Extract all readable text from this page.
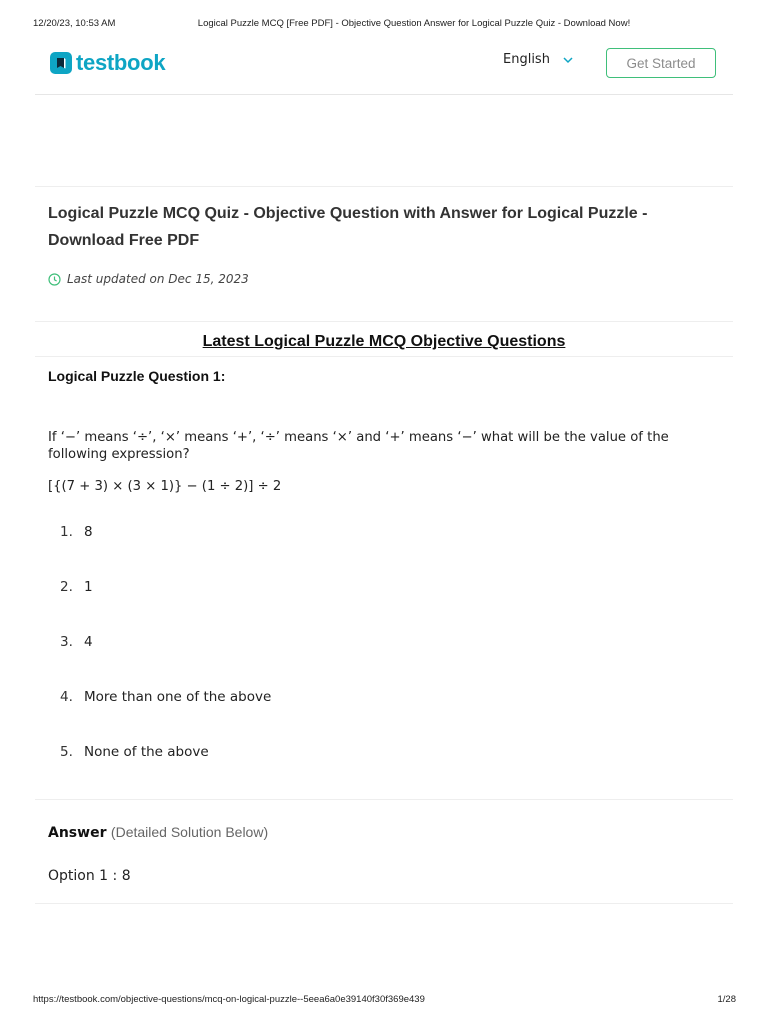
12/20/23, 10:53 AM	Logical Puzzle MCQ [Free PDF] - Objective Question Answer for Logical Puzzle Quiz - Download Now!
testbook	English	Get Started
Logical Puzzle MCQ Quiz - Objective Question with Answer for Logical Puzzle - Download Free PDF
Last updated on Dec 15, 2023
Latest Logical Puzzle MCQ Objective Questions
Logical Puzzle Question 1:
If ‘−’ means ‘÷’, ‘×’ means ‘+’, ‘÷’ means ‘×’ and ‘+’ means ‘−’ what will be the value of the following expression?
[{(7 + 3) × (3 × 1)} − (1 ÷ 2)] ÷ 2
1. 8
2. 1
3. 4
4. More than one of the above
5. None of the above
Answer (Detailed Solution Below)
Option 1 : 8
https://testbook.com/objective-questions/mcq-on-logical-puzzle--5eea6a0e39140f30f369e439	1/28
